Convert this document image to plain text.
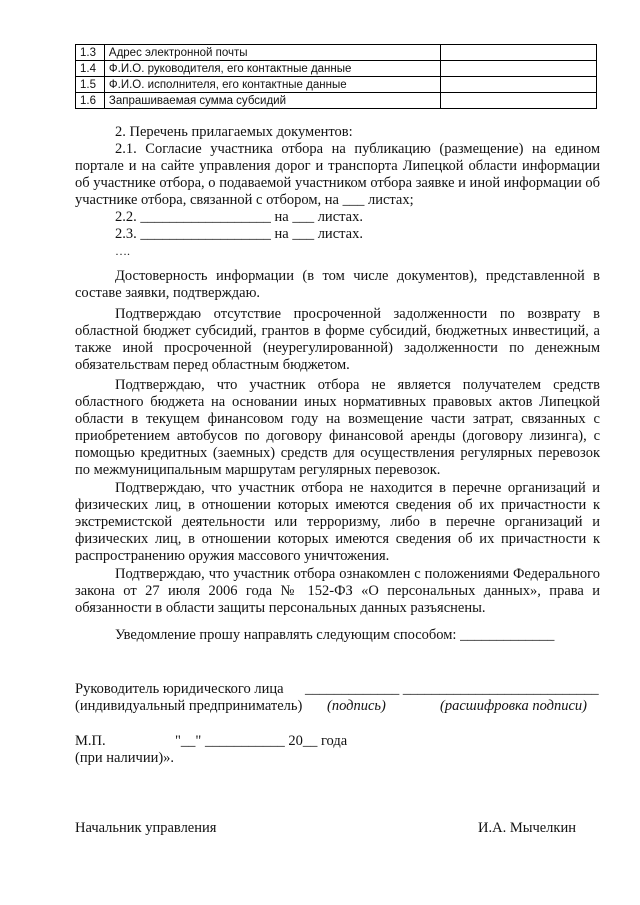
1.3	Адрес электронной почты	
1.4	Ф.И.О. руководителя, его контактные данные	
1.5	Ф.И.О. исполнителя, его контактные данные	
1.6	Запрашиваемая сумма субсидий	
2. Перечень прилагаемых документов:
2.1. Согласие участника отбора на публикацию (размещение) на едином портале и на сайте управления дорог и транспорта Липецкой области информации об участнике отбора, о подаваемой участником отбора заявке и иной информации об участнике отбора, связанной с отбором, на ___ листах;
2.2. __________________ на ___ листах.
2.3. __________________ на ___ листах.
….
Достоверность информации (в том числе документов), представленной в составе заявки, подтверждаю.
Подтверждаю отсутствие просроченной задолженности по возврату в областной бюджет субсидий, грантов в форме субсидий, бюджетных инвестиций, а также иной просроченной (неурегулированной) задолженности по денежным обязательствам перед областным бюджетом.
Подтверждаю, что участник отбора не является получателем средств областного бюджета на основании иных нормативных правовых актов Липецкой области в текущем финансовом году на возмещение части затрат, связанных с приобретением автобусов по договору финансовой аренды (договору лизинга), с помощью кредитных (заемных) средств для осуществления регулярных перевозок по межмуниципальным маршрутам регулярных перевозок.
Подтверждаю, что участник отбора не находится в перечне организаций и физических лиц, в отношении которых имеются сведения об их причастности к экстремистской деятельности или терроризму, либо в перечне организаций и физических лиц, в отношении которых имеются сведения об их причастности к распространению оружия массового уничтожения.
Подтверждаю, что участник отбора ознакомлен с положениями Федерального закона от 27 июля 2006 года № 152-ФЗ «О персональных данных», права и обязанности в области защиты персональных данных разъяснены.
Уведомление прошу направлять следующим способом: _____________
Руководитель юридического лица _____________ ___________________________
(индивидуальный предприниматель) (подпись)	(расшифровка подписи)
М.П.	"__" ___________ 20__ года
(при наличии)».
Начальник управления	И.А. Мычелкин
